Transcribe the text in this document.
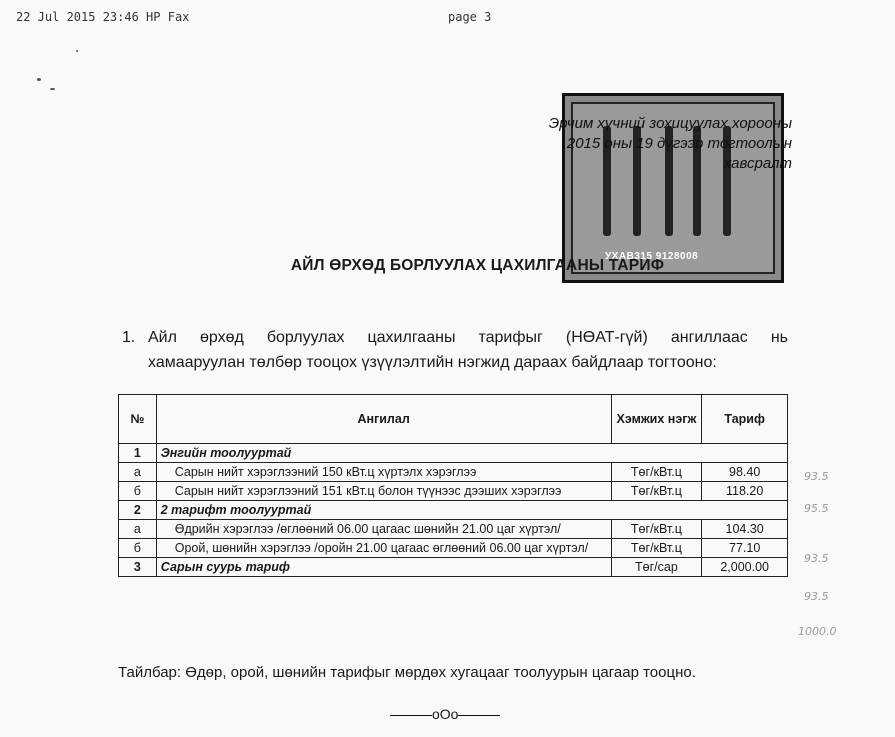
22 Jul 2015 23:46 HP Fax	page 3
УХАВ315 9128008
Эрчим хүчний зохицуулах хорооны
2015 оны 19 дүгээр тогтоолын
хавсралт
АЙЛ ӨРХӨД БОРЛУУЛАХ ЦАХИЛГААНЫ ТАРИФ
1. Айл өрхөд борлуулах цахилгааны тарифыг (НӨАТ-гүй) ангиллаас нь
хамааруулан төлбөр тооцох үзүүлэлтийн нэгжид дараах байдлаар тогтооно:
№	Ангилал	Хэмжих нэгж	Тариф
1	Энгийн тоолууртай		
а	Сарын нийт хэрэглээний 150 кВт.ц хүртэлх хэрэглээ	Төг/кВт.ц	98.40
б	Сарын нийт хэрэглээний 151 кВт.ц болон түүнээс дээших хэрэглээ	Төг/кВт.ц	118.20
2	2 тарифт тоолууртай		
а	Өдрийн хэрэглээ /өглөөний 06.00 цагаас шөнийн 21.00 цаг хүртэл/	Төг/кВт.ц	104.30
б	Орой, шөнийн хэрэглээ /оройн 21.00 цагаас өглөөний 06.00 цаг хүртэл/	Төг/кВт.ц	77.10
3	Сарын суурь тариф	Төг/сар	2,000.00
93.5
95.5
93.5
93.5
1000.0
Тайлбар: Өдөр, орой, шөнийн тарифыг мөрдөх хугацааг тоолуурын цагаар тооцно.
oOo
